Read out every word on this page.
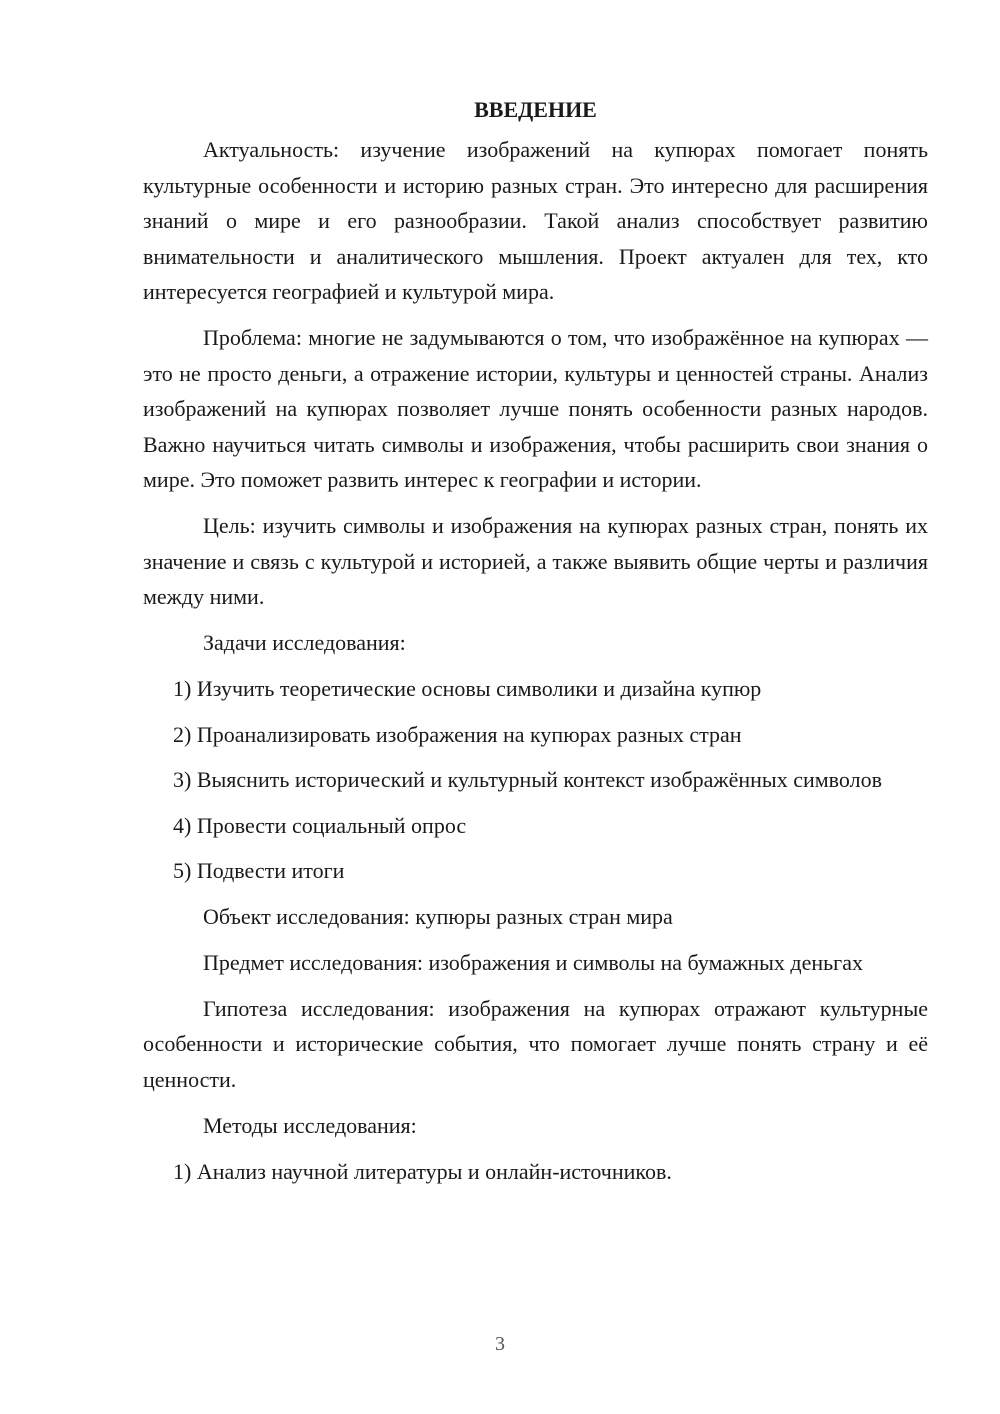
ВВЕДЕНИЕ

Актуальность: изучение изображений на купюрах помогает понять культурные особенности и историю разных стран. Это интересно для расширения знаний о мире и его разнообразии. Такой анализ способствует развитию внимательности и аналитического мышления. Проект актуален для тех, кто интересуется географией и культурой мира.

Проблема: многие не задумываются о том, что изображённое на купюрах — это не просто деньги, а отражение истории, культуры и ценностей страны. Анализ изображений на купюрах позволяет лучше понять особенности разных народов. Важно научиться читать символы и изображения, чтобы расширить свои знания о мире. Это поможет развить интерес к географии и истории.

Цель: изучить символы и изображения на купюрах разных стран, понять их значение и связь с культурой и историей, а также выявить общие черты и различия между ними.

Задачи исследования:

1) Изучить теоретические основы символики и дизайна купюр

2) Проанализировать изображения на купюрах разных стран

3) Выяснить исторический и культурный контекст изображённых символов

4) Провести социальный опрос

5) Подвести итоги

Объект исследования: купюры разных стран мира

Предмет исследования: изображения и символы на бумажных деньгах

Гипотеза исследования: изображения на купюрах отражают культурные особенности и исторические события, что помогает лучше понять страну и её ценности.

Методы исследования:

1) Анализ научной литературы и онлайн-источников.

3
